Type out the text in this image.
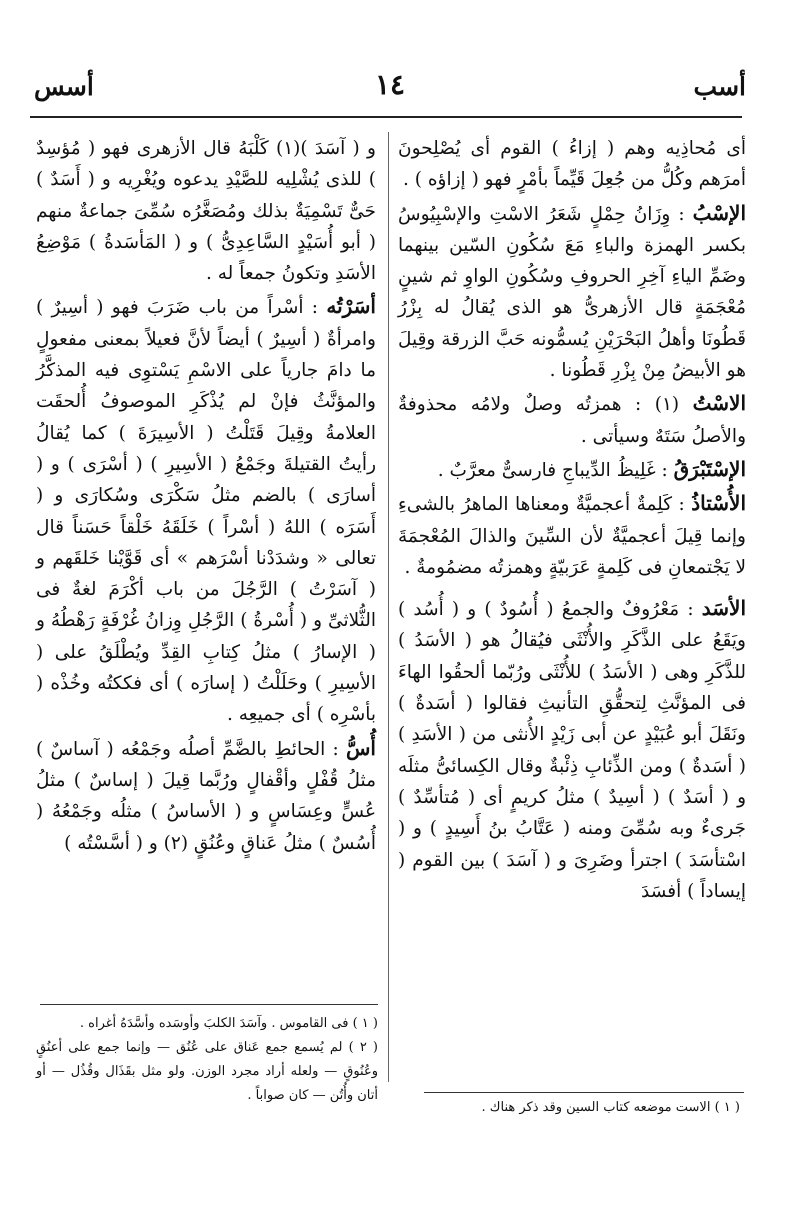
أسب
١٤
أسس

أى مُحاذِيه وهم ( إزاءُ ) القوم أى يُصْلِحونَ أمرَهم وكُلُّ من جُعِلَ قَيِّماً بأمْرٍ فهو ( إزاؤه ) .

الإسْبُ : وِزَانُ حِمْلٍ شَعَرُ الاسْتِ والإسْبِيُوسُ بكسر الهمزة والباءِ مَعَ سُكُونِ السّين بينهما وضَمِّ الياءِ آخِرِ الحروفِ وسُكُونِ الواوِ ثم شينٍ مُعْجَمَةٍ قال الأزهرىُّ هو الذى يُقالُ له بِزْرُ قَطُونَا وأهلُ البَحْرَيْنِ يُسمُّونه حَبَّ الزرقة وقِيلَ هو الأبيضُ مِنْ بِزْرِ قَطُونا .

الاسْتُ (١) : همزتُه وصلٌ ولامُه محذوفةٌ والأصلُ سَتَهٌ وسيأتى .

الإسْتَبْرَقُ : غَلِيظُ الدِّيباجِ فارسىٌّ معرَّبٌ .

الأُسْتاذُ : كَلِمةٌ أعجميَّةٌ ومعناها الماهرُ بالشىءِ وإنما قِيلَ أعجميَّةٌ لأن السِّينَ والذالَ المُعْجمَةَ لا يَجْتمعانِ فى كَلِمةٍ عَرَبيّةٍ وهمزتُه مضمُومةٌ .

الأسَد : مَعْرُوفٌ والجمعُ ( أُسُودٌ ) و ( أُسُد ) ويَقَعُ على الذَّكَرِ والأُنْثَى فيُقالُ هو ( الأسَدُ ) للذَّكَرِ وهى ( الأسَدُ ) للأُنْثَى ورُبّما ألحقُوا الهاءَ فى المؤنَّثِ لِتحقُّقِ التأنيثِ فقالوا ( أسَدةٌ ) ونَقَلَ أبو عُبَيْدٍ عن أبى زَيْدٍ الأُنثى من ( الأسَدِ ) ( أسَدةٌ ) ومن الذِّئابِ ذِئْبةٌ وقال الكِسائىُّ مثلَه و ( أسَدٌ ) ( أسِيدٌ ) مثلُ كريمٍ أى ( مُتأسِّدٌ ) جَرىءٌ وبه سُمِّىَ ومنه ( عَتَّابُ بنُ أَسِيدٍ ) و ( اسْتأسَدَ ) اجترأ وضَرِىَ و ( آسَدَ ) بين القوم ( إيساداً ) أفسَدَ

و ( آسَدَ )(١) كَلْبَهُ قال الأزهرى فهو ( مُؤسِدٌ ) للذى يُشْلِيه للصَّيْدِ يدعوه ويُغْرِيه و ( أَسَدٌ ) حَىٌّ تَسْمِيَةٌ بذلك ومُصَغَّرُه سُمِّىَ جماعةٌ منهم ( أبو أُسَيْدٍ السَّاعِدِىُّ ) و ( المَأسَدةُ ) مَوْضِعُ الأسَدِ وتكونُ جمعاً له .

أسَرْتُه : أسْراً من باب ضَرَبَ فهو ( أسِيرٌ ) وامرأةٌ ( أسِيرٌ ) أيضاً لأنَّ فعيلاً بمعنى مفعولٍ ما دامَ جارياً على الاسْمِ يَسْتوِى فيه المذكَّرُ والمؤنَّثُ فإنْ لم يُذْكَرِ الموصوفُ أُلحقَت العلامةُ وقِيلَ قَتَلْتُ ( الأسِيرَةَ ) كما يُقالُ رأيتُ القتيلةَ وجَمْعُ ( الأسِيرِ ) ( أسْرَى ) و ( أسارَى ) بالضم مثلُ سَكْرَى وسُكارَى و ( أَسَرَه ) اللهُ ( أسْراً ) خَلَقَهُ خَلْقاً حَسَناً قال تعالى « وشدَدْنا أسْرَهم » أى قَوَّيْنا خَلقَهم و ( آسَرْتُ ) الرَّجُلَ من باب أكْرَمَ لغةٌ فى الثُّلاثىِّ و ( أُسْرةُ ) الرَّجُلِ وِزانُ غُرْفَةٍ رَهْطُهُ و ( الإسارُ ) مثلُ كِتابِ القِدِّ ويُطْلَقُ على ( الأسِيرِ ) وحَلَلْتُ ( إسارَه ) أى فككتُه وخُذْه ( بأسْرِه ) أى جميعِه .

أُسُّ : الحائطِ بالضَّمِّ أصلُه وجَمْعُه ( آساسٌ ) مثلُ قُفْلٍ وأقْفالٍ ورُبَّما قِيلَ ( إساسٌ ) مثلُ عُسٍّ وعِسَاسٍ و ( الأساسُ ) مثلُه وجَمْعُهُ ( أُسُسٌ ) مثلُ عَناقٍ وعُنُقٍ (٢) و ( أسَّسْتُه )

( ١ ) فى القاموس . وآسَدَ الكلبَ وأوسَده وأسَّدَهُ أغراه .

( ٢ ) لم يُسمع جمع عَناق على عُنُق — وإنما جمع على أعنُقٍ وعُنُوقٍ — ولعله أراد مجرد الوزن. ولو مثل بقَذَال وقُذُل — أو أتان وأُتُن — كان صواباً .

( ١ ) الاست موضعه كتاب السين وقد ذكر هناك .
